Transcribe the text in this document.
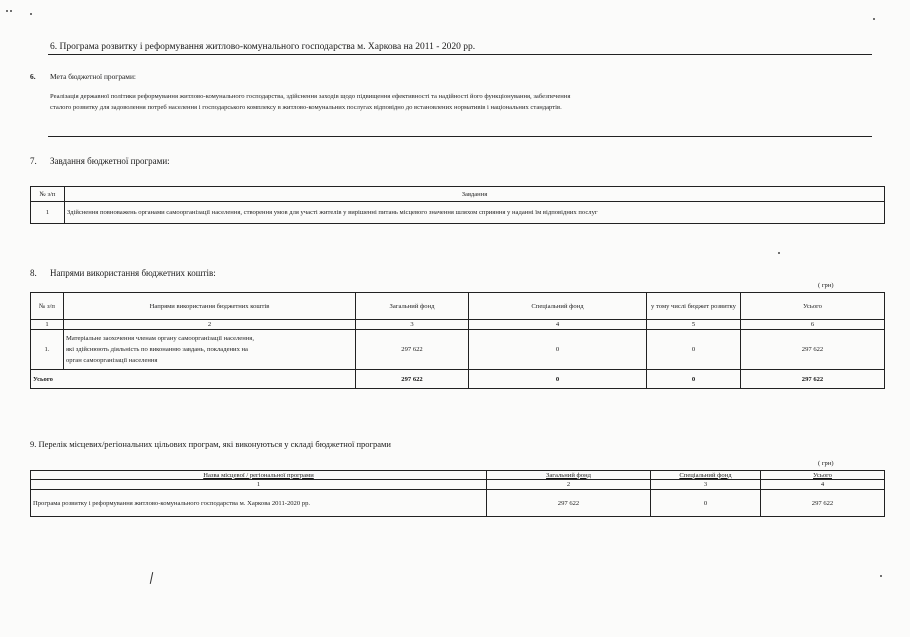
6. Програма розвитку і реформування житлово-комунального господарства м. Харкова на 2011 - 2020 рр.
6. Мета бюджетної програми:
Реалізація державної політики реформування житлово-комунального господарства, здійснення заходів щодо підвищення ефективності та надійності його функціонування, забезпечення
сталого розвитку для задоволення потреб населення і господарського комплексу в житлово-комунальних послугах відповідно до встановлених нормативів і національних стандартів.
7. Завдання бюджетної програми:
№ з/п	Завдання
1	Здійснення повноважень органами самоорганізації населення, створення умов для участі жителів у вирішенні питань місцевого значення шляхом сприяння у наданні їм відповідних послуг
8. Напрями використання бюджетних коштів:
( грн)
№ з/п	Напрями використання бюджетних коштів	Загальний фонд	Спеціальний фонд	у тому числі бюджет розвитку	Усього
1	2	3	4	5	6
1.	Матеріальне заохочення членам органу самоорганізації населення,
які здійснюють діяльність по виконанню завдань, покладених на
орган самоорганізації населення	297 622	0	0	297 622
Усього		297 622	0	0	297 622
9. Перелік місцевих/регіональних цільових програм, які виконуються у складі бюджетної програми
( грн)
Назва місцевої / регіональної програми	Загальний фонд	Спеціальний фонд	Усього
1	2	3	4
Програма розвитку і реформування житлово-комунального господарства м. Харкова 2011-2020 рр.	297 622	0	297 622
